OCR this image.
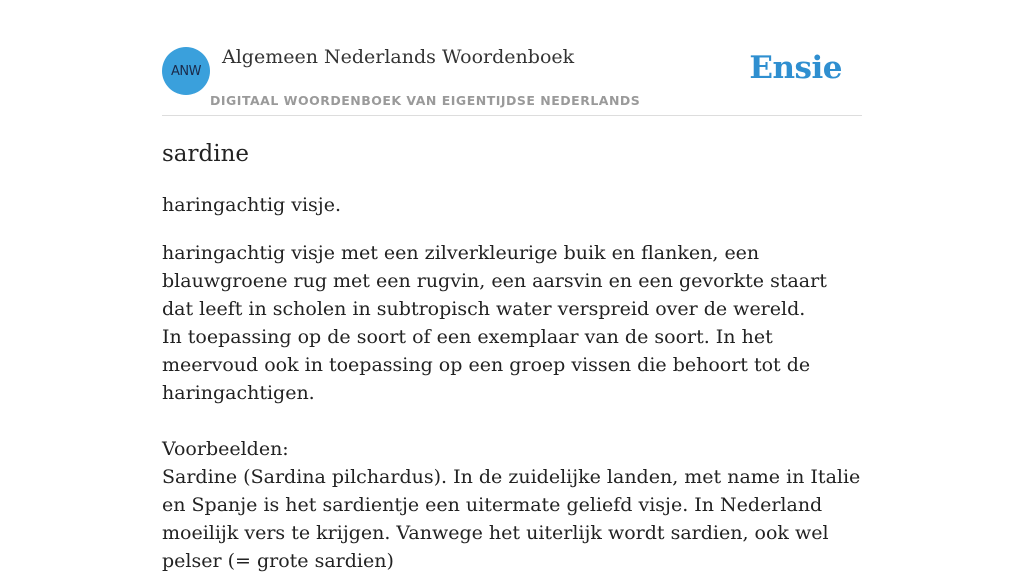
ANW
Algemeen Nederlands Woordenboek
DIGITAAL WOORDENBOEK VAN EIGENTIJDSE NEDERLANDS
Ensie
sardine
haringachtig visje.

haringachtig visje met een zilverkleurige buik en flanken, een blauwgroene rug met een rugvin, een aarsvin en een gevorkte staart dat leeft in scholen in subtropisch water verspreid over de wereld.

In toepassing op de soort of een exemplaar van de soort. In het meervoud ook in toepassing op een groep vissen die behoort tot de haringachtigen.

Voorbeelden:

Sardine (Sardina pilchardus). In de zuidelijke landen, met name in Italie en Spanje is het sardientje een uitermate geliefd visje. In Nederland moeilijk vers te krijgen. Vanwege het uiterlijk wordt sardien, ook wel pelser (= grote sardien)
